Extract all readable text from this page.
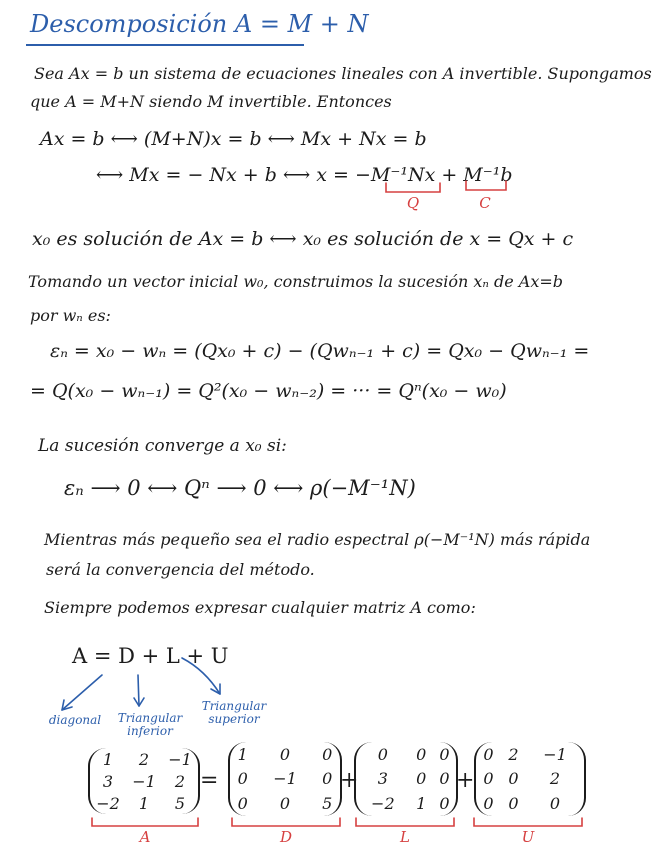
Descomposición A = M + N
Sea Ax = b un sistema de ecuaciones lineales con A invertible. Supongamos
que A = M+N siendo M invertible. Entonces
Ax = b ⟷ (M+N)x = b ⟷ Mx + Nx = b
⟷ Mx = − Nx + b ⟷ x = −M⁻¹Nx + M⁻¹b
Q	C
x₀ es solución de Ax = b ⟷ x₀ es solución de x = Qx + c
Tomando un vector inicial w₀, construimos la sucesión xₙ de Ax=b
por wₙ es:
εₙ = x₀ − wₙ = (Qx₀ + c) − (Qwₙ₋₁ + c) = Qx₀ − Qwₙ₋₁ =
= Q(x₀ − wₙ₋₁) = Q²(x₀ − wₙ₋₂) = ··· = Qⁿ(x₀ − w₀)
La sucesión converge a x₀ si:
εₙ ⟶ 0 ⟷ Qⁿ ⟶ 0 ⟷ ρ(−M⁻¹N)
Mientras más pequeño sea el radio espectral ρ(−M⁻¹N) más rápida
será la convergencia del método.
Siempre podemos expresar cualquier matriz A como:
A = D + L + U
diagonal	Triangular
inferior
Triangular
superior
1	2	−1
3	−1	2
−2	1	5
=
1	0	0
0	−1	0
0	0	5
+
0	0	0
3	0	0
−2	1	0
+
0	2	−1
0	0	2
0	0	0
A	D	L	U
